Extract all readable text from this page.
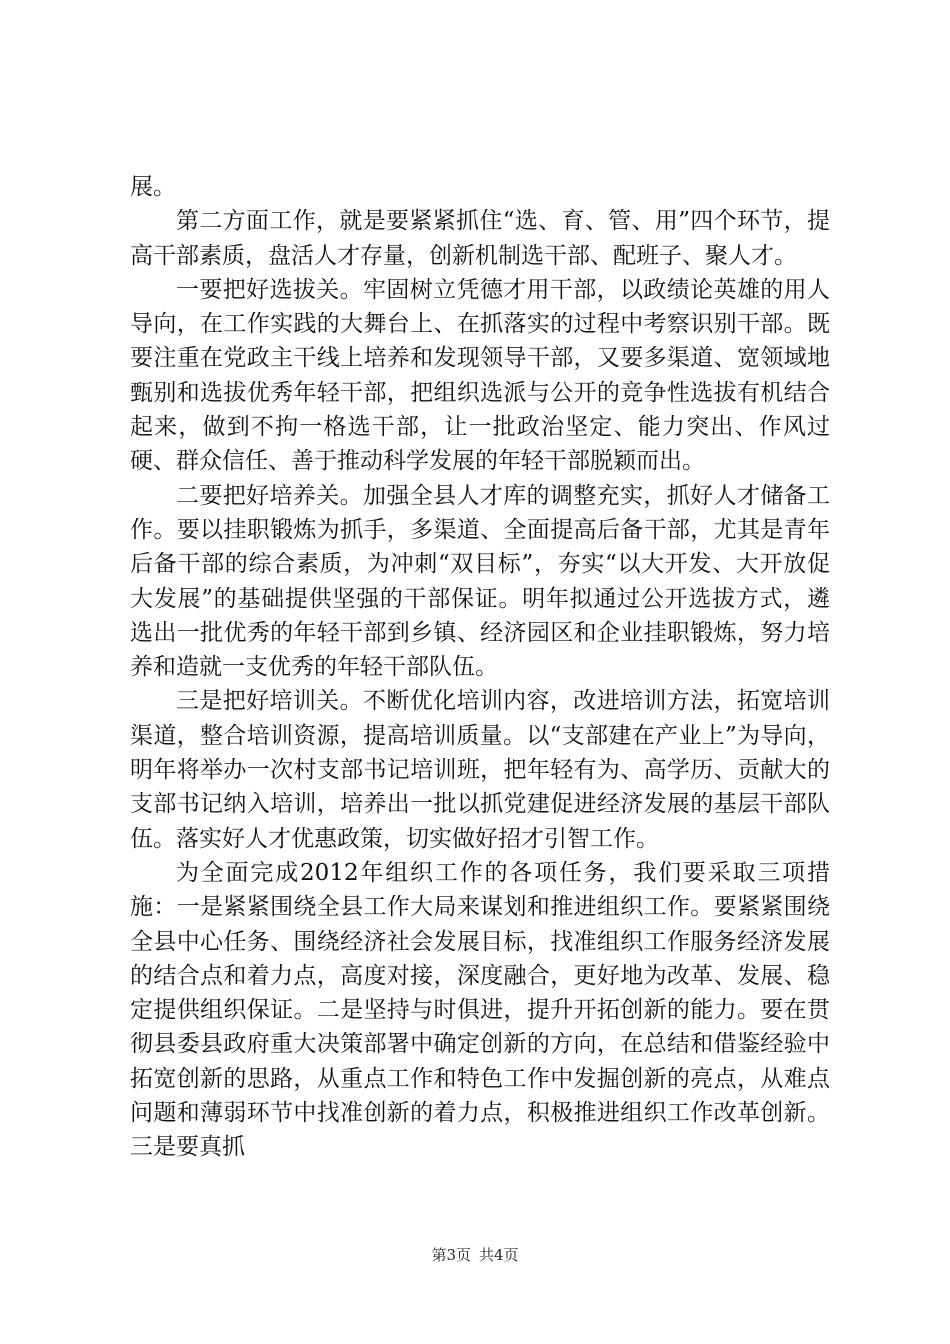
展。

第二方面工作，就是要紧紧抓住“选、育、管、用”四个环节，提高干部素质，盘活人才存量，创新机制选干部、配班子、聚人才。

一要把好选拔关。牢固树立凭德才用干部，以政绩论英雄的用人导向，在工作实践的大舞台上、在抓落实的过程中考察识别干部。既要注重在党政主干线上培养和发现领导干部，又要多渠道、宽领域地甄别和选拔优秀年轻干部，把组织选派与公开的竞争性选拔有机结合起来，做到不拘一格选干部，让一批政治坚定、能力突出、作风过硬、群众信任、善于推动科学发展的年轻干部脱颖而出。

二要把好培养关。加强全县人才库的调整充实，抓好人才储备工作。要以挂职锻炼为抓手，多渠道、全面提高后备干部，尤其是青年后备干部的综合素质，为冲刺“双目标”，夯实“以大开发、大开放促大发展”的基础提供坚强的干部保证。明年拟通过公开选拔方式，遴选出一批优秀的年轻干部到乡镇、经济园区和企业挂职锻炼，努力培养和造就一支优秀的年轻干部队伍。

三是把好培训关。不断优化培训内容，改进培训方法，拓宽培训渠道，整合培训资源，提高培训质量。以“支部建在产业上”为导向，明年将举办一次村支部书记培训班，把年轻有为、高学历、贡献大的支部书记纳入培训，培养出一批以抓党建促进经济发展的基层干部队伍。落实好人才优惠政策，切实做好招才引智工作。

为全面完成2012年组织工作的各项任务，我们要采取三项措施：一是紧紧围绕全县工作大局来谋划和推进组织工作。要紧紧围绕全县中心任务、围绕经济社会发展目标，找准组织工作服务经济发展的结合点和着力点，高度对接，深度融合，更好地为改革、发展、稳定提供组织保证。二是坚持与时俱进，提升开拓创新的能力。要在贯彻县委县政府重大决策部署中确定创新的方向，在总结和借鉴经验中拓宽创新的思路，从重点工作和特色工作中发掘创新的亮点，从难点问题和薄弱环节中找准创新的着力点，积极推进组织工作改革创新。三是要真抓

第3页 共4页
